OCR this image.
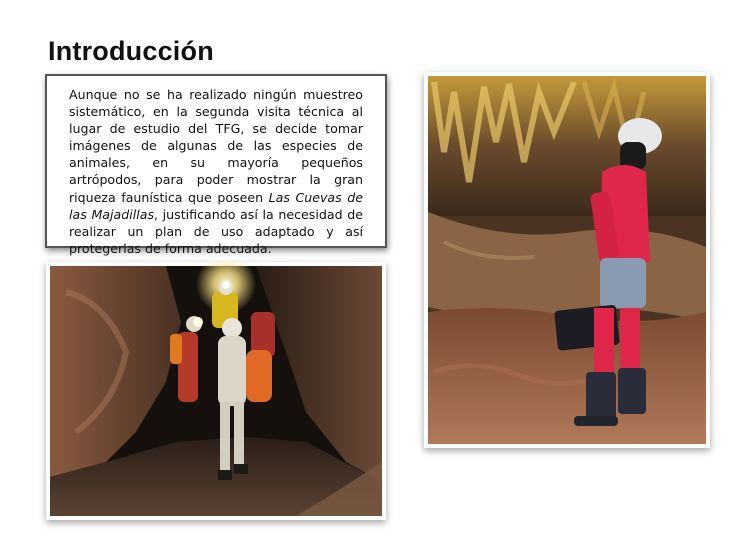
Introducción

Aunque no se ha realizado ningún muestreo sistemático, en la segunda visita técnica al lugar de estudio del TFG, se decide tomar imágenes de algunas de las especies de animales, en su mayoría pequeños artrópodos, para poder mostrar la gran riqueza faunística que poseen Las Cuevas de las Majadillas, justificando así la necesidad de realizar un plan de uso adaptado y así protegerlas de forma adecuada.
